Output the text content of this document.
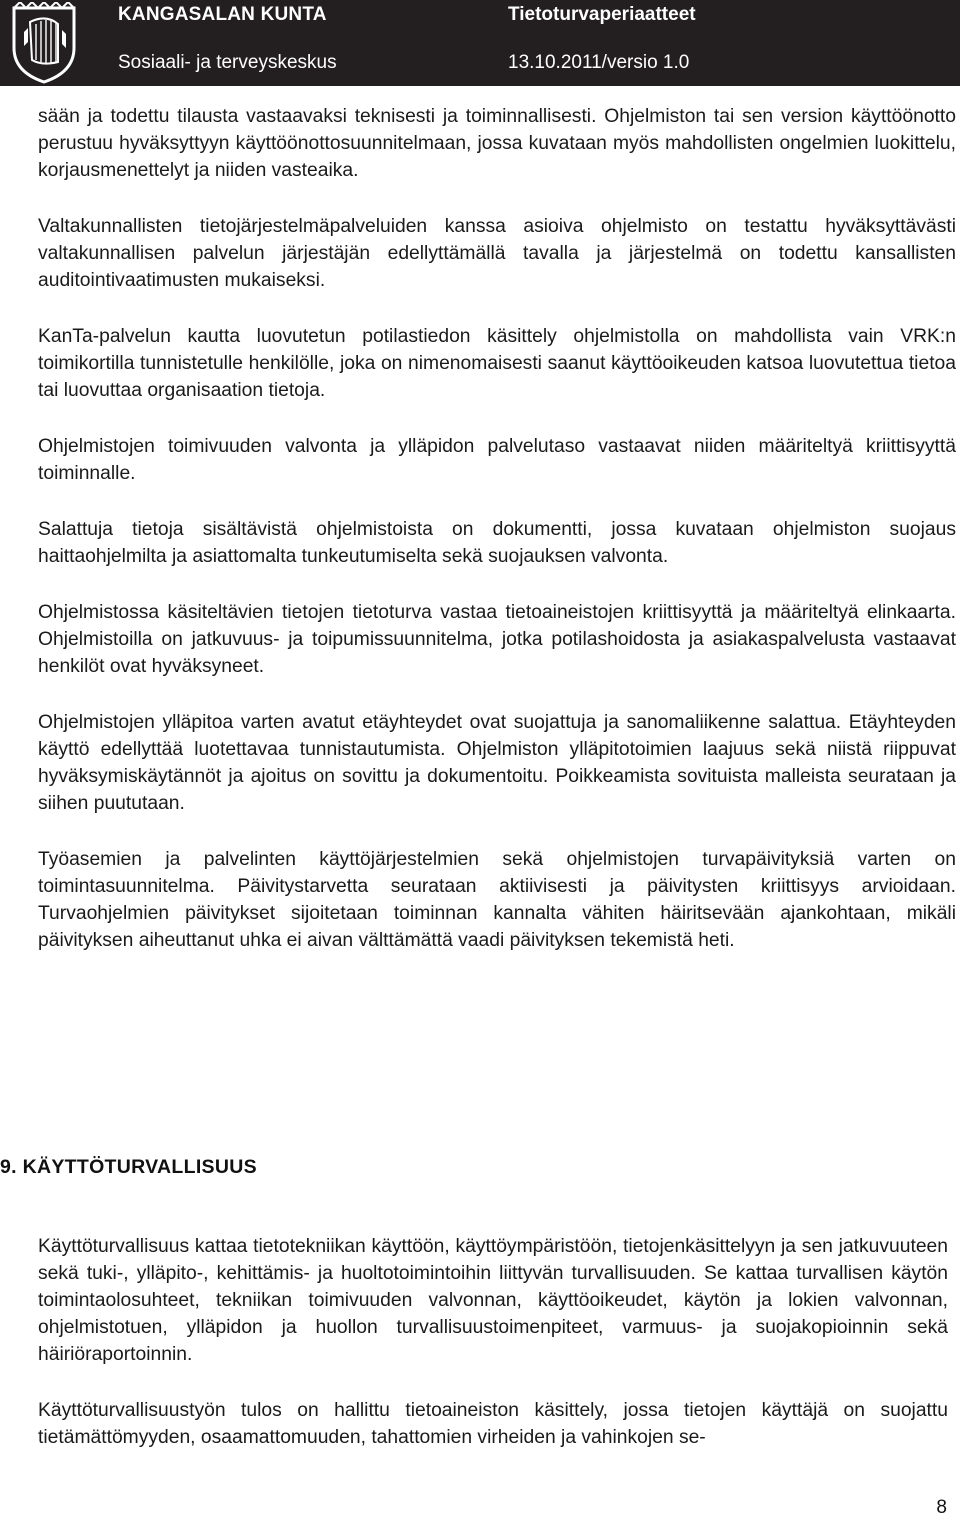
KANGASALAN KUNTA	Tietoturvaperiaatteet
Sosiaali- ja terveyskeskus	13.10.2011/versio 1.0

sään ja todettu tilausta vastaavaksi teknisesti ja toiminnallisesti. Ohjelmiston tai sen version käyttöönotto perustuu hyväksyttyyn käyttöönottosuunnitelmaan, jossa kuvataan myös mahdollisten ongelmien luokittelu, korjausmenettelyt ja niiden vasteaika.

Valtakunnallisten tietojärjestelmäpalveluiden kanssa asioiva ohjelmisto on testattu hyväksyttävästi valtakunnallisen palvelun järjestäjän edellyttämällä tavalla ja järjestelmä on todettu kansallisten auditointivaatimusten mukaiseksi.

KanTa-palvelun kautta luovutetun potilastiedon käsittely ohjelmistolla on mahdollista vain VRK:n toimikortilla tunnistetulle henkilölle, joka on nimenomaisesti saanut käyttöoikeuden katsoa luovutettua tietoa tai luovuttaa organisaation tietoja.

Ohjelmistojen toimivuuden valvonta ja ylläpidon palvelutaso vastaavat niiden määriteltyä kriittisyyttä toiminnalle.

Salattuja tietoja sisältävistä ohjelmistoista on dokumentti, jossa kuvataan ohjelmiston suojaus haittaohjelmilta ja asiattomalta tunkeutumiselta sekä suojauksen valvonta.

Ohjelmistossa käsiteltävien tietojen tietoturva vastaa tietoaineistojen kriittisyyttä ja määriteltyä elinkaarta. Ohjelmistoilla on jatkuvuus- ja toipumissuunnitelma, jotka potilashoidosta ja asiakaspalvelusta vastaavat henkilöt ovat hyväksyneet.

Ohjelmistojen ylläpitoa varten avatut etäyhteydet ovat suojattuja ja sanomaliikenne salattua. Etäyhteyden käyttö edellyttää luotettavaa tunnistautumista. Ohjelmiston ylläpitotoimien laajuus sekä niistä riippuvat hyväksymiskäytännöt ja ajoitus on sovittu ja dokumentoitu. Poikkeamista sovituista malleista seurataan ja siihen puututaan.

Työasemien ja palvelinten käyttöjärjestelmien sekä ohjelmistojen turvapäivityksiä varten on toimintasuunnitelma. Päivitystarvetta seurataan aktiivisesti ja päivitysten kriittisyys arvioidaan. Turvaohjelmien päivitykset sijoitetaan toiminnan kannalta vähiten häiritsevään ajankohtaan, mikäli päivityksen aiheuttanut uhka ei aivan välttämättä vaadi päivityksen tekemistä heti.

9. KÄYTTÖTURVALLISUUS

Käyttöturvallisuus kattaa tietotekniikan käyttöön, käyttöympäristöön, tietojenkäsittelyyn ja sen jatkuvuuteen sekä tuki-, ylläpito-, kehittämis- ja huoltotoimintoihin liittyvän turvallisuuden. Se kattaa turvallisen käytön toimintaolosuhteet, tekniikan toimivuuden valvonnan, käyttöoikeudet, käytön ja lokien valvonnan, ohjelmistotuen, ylläpidon ja huollon turvallisuustoimenpiteet, varmuus- ja suojakopioinnin sekä häiriöraportoinnin.

Käyttöturvallisuustyön tulos on hallittu tietoaineiston käsittely, jossa tietojen käyttäjä on suojattu tietämättömyyden, osaamattomuuden, tahattomien virheiden ja vahinkojen se-

8
